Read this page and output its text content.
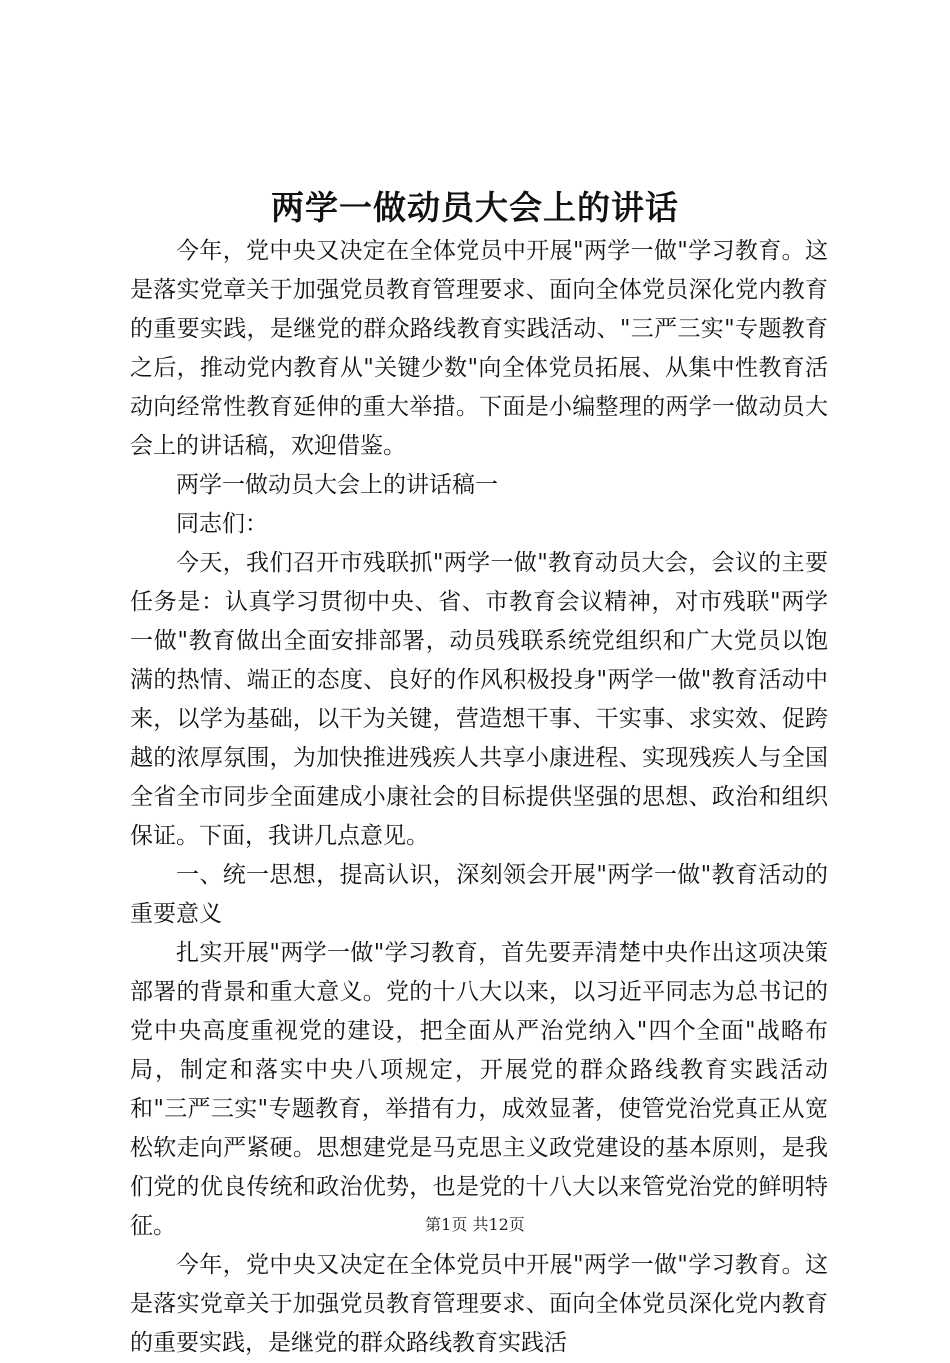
两学一做动员大会上的讲话

今年，党中央又决定在全体党员中开展"两学一做"学习教育。这是落实党章关于加强党员教育管理要求、面向全体党员深化党内教育的重要实践，是继党的群众路线教育实践活动、"三严三实"专题教育之后，推动党内教育从"关键少数"向全体党员拓展、从集中性教育活动向经常性教育延伸的重大举措。下面是小编整理的两学一做动员大会上的讲话稿，欢迎借鉴。

两学一做动员大会上的讲话稿一

同志们：

今天，我们召开市残联抓"两学一做"教育动员大会，会议的主要任务是：认真学习贯彻中央、省、市教育会议精神，对市残联"两学一做"教育做出全面安排部署，动员残联系统党组织和广大党员以饱满的热情、端正的态度、良好的作风积极投身"两学一做"教育活动中来，以学为基础，以干为关键，营造想干事、干实事、求实效、促跨越的浓厚氛围，为加快推进残疾人共享小康进程、实现残疾人与全国全省全市同步全面建成小康社会的目标提供坚强的思想、政治和组织保证。下面，我讲几点意见。

一、统一思想，提高认识，深刻领会开展"两学一做"教育活动的重要意义

扎实开展"两学一做"学习教育，首先要弄清楚中央作出这项决策部署的背景和重大意义。党的十八大以来，以习近平同志为总书记的党中央高度重视党的建设，把全面从严治党纳入"四个全面"战略布局，制定和落实中央八项规定，开展党的群众路线教育实践活动和"三严三实"专题教育，举措有力，成效显著，使管党治党真正从宽松软走向严紧硬。思想建党是马克思主义政党建设的基本原则，是我们党的优良传统和政治优势，也是党的十八大以来管党治党的鲜明特征。

今年，党中央又决定在全体党员中开展"两学一做"学习教育。这是落实党章关于加强党员教育管理要求、面向全体党员深化党内教育的重要实践，是继党的群众路线教育实践活

第1页 共12页
